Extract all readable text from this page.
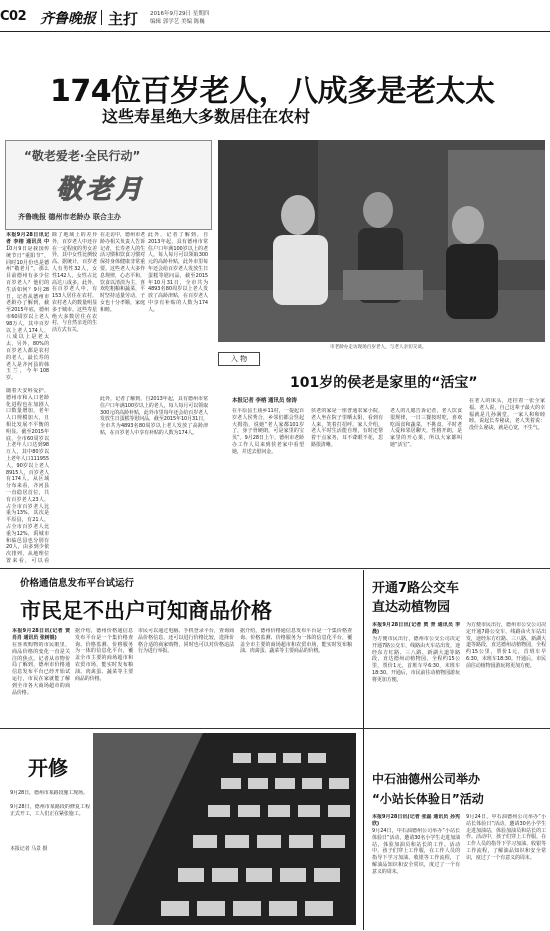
C02 齐鲁晚报 主打 2016年9月29日 星期四
编辑 郭学艺 美编 陈巍
174位百岁老人，八成多是老太太
这些寿星绝大多数居住在农村
“敬老爱老·全民行动”
敬老月
齐鲁晚报 德州市老龄办 联合主办
市老龄办走访现场百岁老人，与老人亲切交谈。
本报9月28日讯记者 李榕 通讯员 中
10月9日是我国传统节日“重阳节”，同时10月份也是德州“敬老月”。那么目前德州有多少位百岁老人？他们的生活如何？9月28日，记者从德州市老龄办了解到，截至2015年底，德州市60周岁以上老人98万人，其中百岁以上老人174人，八成以上是老太太，另外，80%的百岁老人都是农村的老人，最长寿的老人是齐河县的韩玉兰，今年108岁。
随着天安科爱护，德州市和入口老龄化进程也在加剧人口数量增加，老年人口规模加大，且相比发展不平衡的明显。截至2015年底，全市60周岁以上老年人口达到98万人，其中80岁以上老年人口111955人，90岁以上老人8915人，百岁老人有174人。从区域分布来看，齐河县一直稳居首位，共有百岁老人23人，占全市百岁老人比重为13%，其次是平原县，有21人，占全市百岁老人比重为12%，禹城市和临邑县也分别有20人，由多到少依次排列，从地理位置来看，可以看
除了地域上的差异外，百岁老人中还存在一定程度的男女差异，其中女性比例较高。据统计，百岁老人有男性32人，女性142人，女性占比高达八成多。此外，在百岁老人中，有153人居住在农村，农村老人的数量明显多于城市。这些寿星绝大多数居住在农村，与自然亲近的生活方式有关。
在走访中，德州市老龄办相关负责人告诉记者，长寿老人的生活习惯和饮食习惯对保持身体健康非常重要。这些老人大多作息规律，心态平和，饮食以清淡为主，喜欢吃粗粮和蔬菜，平时坚持适量劳动，子女也十分孝顺，家庭和睦。
此外，记者了解到，自2013年起，具有德州市常住户口年满100岁以上的老人，每人每月可以领取300元的高龄补贴，此外市里每年还会给百岁老人发放生日蛋糕等慰问品，截至2015年10月31日，全市共为4893名80周岁以上老人发放了高龄津贴，在百岁老人中享有补贴的人数为174人。
此外，记者了解到，自2013年起，具有德州市常住户口年满100岁以上的老人，每人每月可以领取300元的高龄补贴，此外市里每年还会给百岁老人发放生日蛋糕等慰问品，截至2015年10月31日，全市共为4893名80周岁以上老人发放了高龄津贴，在百岁老人中享有补贴的人数为174人。
入 物
101岁的侯老是家里的“活宝”
本报记者 李榕 通讯员 徐涛
在平原县王庙乡11村，一提起百岁老人侯秀合，乡邻们都会竖起大拇指，说她“老人家都101岁了，身子骨硬朗，可是家里的宝贝”。9月28日上午，德州市老龄办工作人员来到侯老家中看望她，并送去慰问金。
侯老的家是一座普通农家小院，老人坐在院子里晒太阳，看到有人来，笑着打招呼。家人介绍，老人平时生活能自理，有时还帮着干点家务，耳不聋眼不花，思路很清晰。
老人的儿媳告诉记者，老人饮食很规律，一日三餐按时吃，喜欢吃面食和蔬菜，不挑食。平时老人爱和邻居聊天，性格开朗，是家里的开心果，所以大家都叫她“活宝”。
在老人的床头，还挂着一张全家福。老人说，自己这辈子最大的幸福就是儿孙满堂，一家人和和睦睦。说起长寿秘诀，老人笑着说：没什么秘诀，就是心宽，不生气。
价格通信息发布平台试运行
市民足不出户可知商品价格
本报9月28日讯(记者 贾 肖肖 通讯员 张树锟)
在喜欢购物的市民眼里，商品价格的变化一直是关注的焦点。记者从市物价局了解到，德州市价格通信息发布平台已经开始试运行，市民在家就能了解到全市各大商场超市的商品价格。
据介绍，德州价格通信息发布平台是一个集价格查询、价格监测、价格服务为一体的信息化平台，覆盖全市主要的商场超市和农贸市场，能实时发布粮油、肉禽蛋、蔬菜等主要商品的价格。
市民可以通过电脑、手机登录平台，查询商品价格信息，还可以进行价格比较，选择价格合适的商家购物，同时也可以对价格违法行为进行举报。
据介绍，德州价格通信息发布平台是一个集价格查询、价格监测、价格服务为一体的信息化平台，覆盖全市主要的商场超市和农贸市场，能实时发布粮油、肉禽蛋、蔬菜等主要商品的价格。
开通7路公交车
直达动植物园
本报9月28日讯(记者 贾 青 通讯员 李 晨)
为方便市民出行，德州市公交公司决定开通7路公交车，线路由火车站出发，途经东方红路、三八路、新湖大道等路段，直达德州动植物园，全程约15公里，票价1元，首班车早6:30，末班车18:30。开通后，市民前往动植物园游玩将更加方便。
为方便市民出行，德州市公交公司决定开通7路公交车，线路由火车站出发，途经东方红路、三八路、新湖大道等路段，直达德州动植物园，全程约15公里，票价1元，首班车早6:30，末班车18:30。开通后，市民前往动植物园游玩将更加方便。
开修
9月28日，德州市某路段施工现场。
9月28日，德州市某路段的修复工程正式开工，工人们正在紧张施工。
本报记者 马景 摄
中石油德州公司举办
“小站长体验日”活动
本报9月28日讯(记者 张磊 通讯员 孙宪欣)
9月24日，中石油德州公司举办“小站长体验日”活动，邀请30名小学生走进加油站，体验加油员和站长的工作。活动中，孩子们穿上工作服，在工作人员的指导下学习加油、收银等工作流程，了解油品知识和安全常识，度过了一个有意义的周末。
9月24日，中石油德州公司举办“小站长体验日”活动，邀请30名小学生走进加油站，体验加油员和站长的工作。活动中，孩子们穿上工作服，在工作人员的指导下学习加油、收银等工作流程，了解油品知识和安全常识，度过了一个有意义的周末。
